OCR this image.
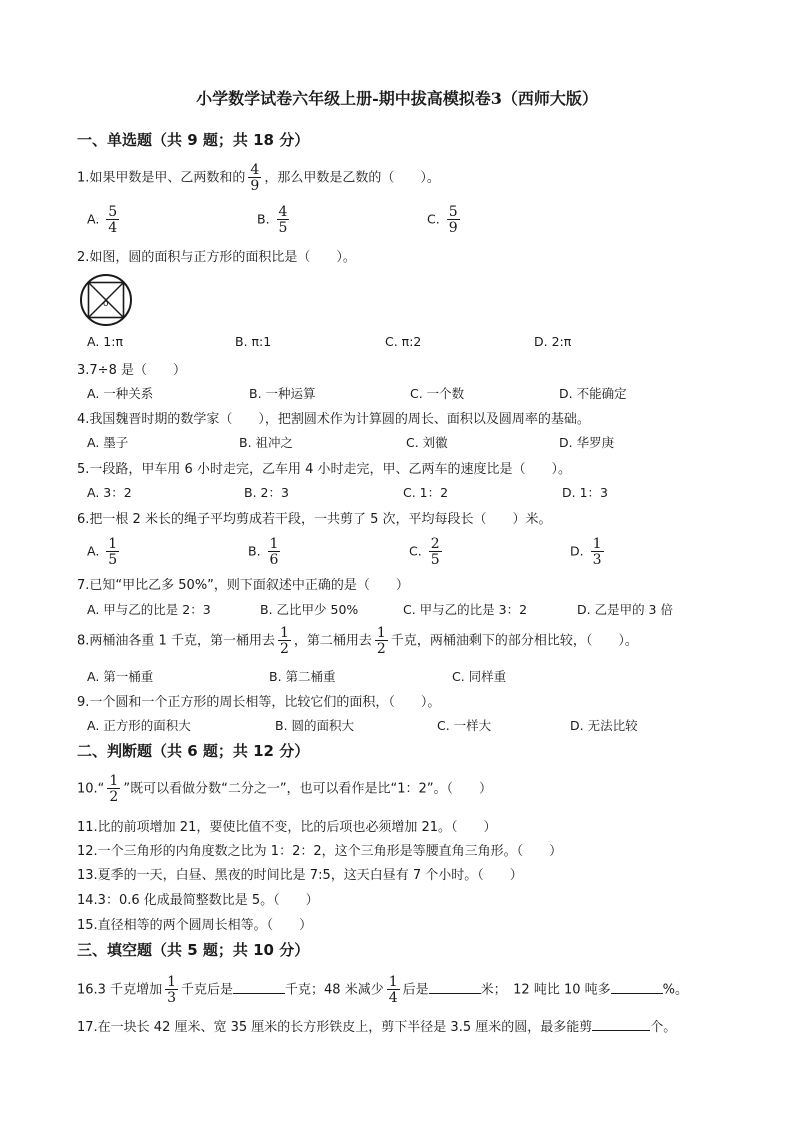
小学数学试卷六年级上册-期中拔高模拟卷3（西师大版）
一、单选题（共 9 题；共 18 分）
1.如果甲数是甲、乙两数和的 $\frac{4}{9}$ ，那么甲数是乙数的（　　）。
A. $\frac{5}{4}$	B. $\frac{4}{5}$	C. $\frac{5}{9}$
2.如图，圆的面积与正方形的面积比是（　　）。
o
A. 1:π	B. π:1	C. π:2	D. 2:π
3.7÷8 是（　　）
A. 一种关系	B. 一种运算	C. 一个数	D. 不能确定
4.我国魏晋时期的数学家（　　），把割圆术作为计算圆的周长、面积以及圆周率的基础。
A. 墨子	B. 祖冲之	C. 刘徽	D. 华罗庚
5.一段路，甲车用 6 小时走完，乙车用 4 小时走完，甲、乙两车的速度比是（　　）。
A. 3：2	B. 2：3	C. 1：2	D. 1：3
6.把一根 2 米长的绳子平均剪成若干段，一共剪了 5 次，平均每段长（　　）米。
A. $\frac{1}{5}$	B. $\frac{1}{6}$	C. $\frac{2}{5}$	D. $\frac{1}{3}$
7.已知“甲比乙多 50%”，则下面叙述中正确的是（　　）
A. 甲与乙的比是 2：3	B. 乙比甲少 50%	C. 甲与乙的比是 3：2	D. 乙是甲的 3 倍
8.两桶油各重 1 千克，第一桶用去 $\frac{1}{2}$ ，第二桶用去 $\frac{1}{2}$ 千克，两桶油剩下的部分相比较，（　　）。
A. 第一桶重	B. 第二桶重	C. 同样重
9.一个圆和一个正方形的周长相等，比较它们的面积，（　　）。
A. 正方形的面积大	B. 圆的面积大	C. 一样大	D. 无法比较
二、判断题（共 6 题；共 12 分）
10.“ $\frac{1}{2}$ ”既可以看做分数“二分之一”，也可以看作是比“1：2”。（　　）
11.比的前项增加 21，要使比值不变，比的后项也必须增加 21。（　　）
12.一个三角形的内角度数之比为 1：2：2，这个三角形是等腰直角三角形。（　　）
13.夏季的一天，白昼、黑夜的时间比是 7:5，这天白昼有 7 个小时。（　　）
14.3：0.6 化成最简整数比是 5。（　　）
15.直径相等的两个圆周长相等。（　　）
三、填空题（共 5 题；共 10 分）
16.3 千克增加 $\frac{1}{3}$ 千克后是	千克；48 米减少 $\frac{1}{4}$ 后是	米；　12 吨比 10 吨多	%。
17.在一块长 42 厘米、宽 35 厘米的长方形铁皮上，剪下半径是 3.5 厘米的圆，最多能剪	个。
